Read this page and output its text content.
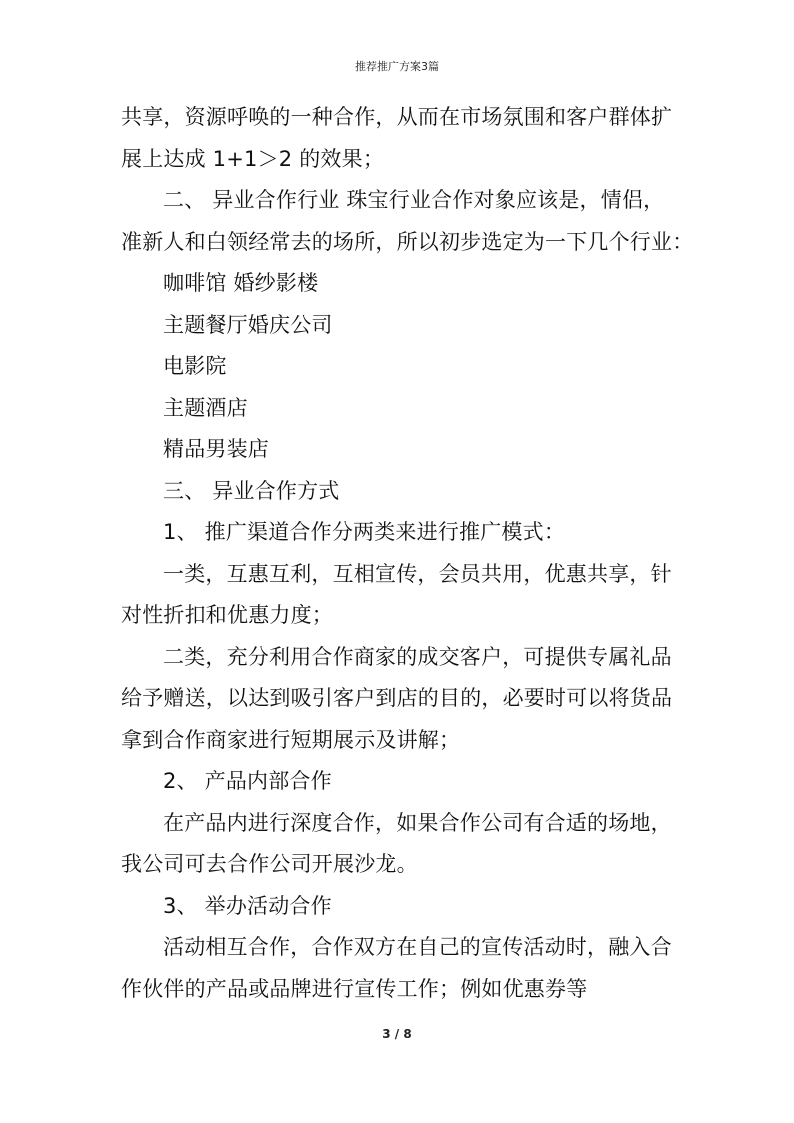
推荐推广方案3篇
共享，资源呼唤的一种合作，从而在市场氛围和客户群体扩
展上达成 1+1＞2 的效果；
二、 异业合作行业 珠宝行业合作对象应该是，情侣，
准新人和白领经常去的场所，所以初步选定为一下几个行业：
咖啡馆 婚纱影楼
主题餐厅婚庆公司
电影院
主题酒店
精品男装店
三、 异业合作方式
1、 推广渠道合作分两类来进行推广模式：
一类，互惠互利，互相宣传，会员共用，优惠共享，针
对性折扣和优惠力度；
二类，充分利用合作商家的成交客户，可提供专属礼品
给予赠送，以达到吸引客户到店的目的，必要时可以将货品
拿到合作商家进行短期展示及讲解；
2、 产品内部合作
在产品内进行深度合作，如果合作公司有合适的场地，
我公司可去合作公司开展沙龙。
3、 举办活动合作
活动相互合作，合作双方在自己的宣传活动时，融入合
作伙伴的产品或品牌进行宣传工作；例如优惠券等
3 / 8
